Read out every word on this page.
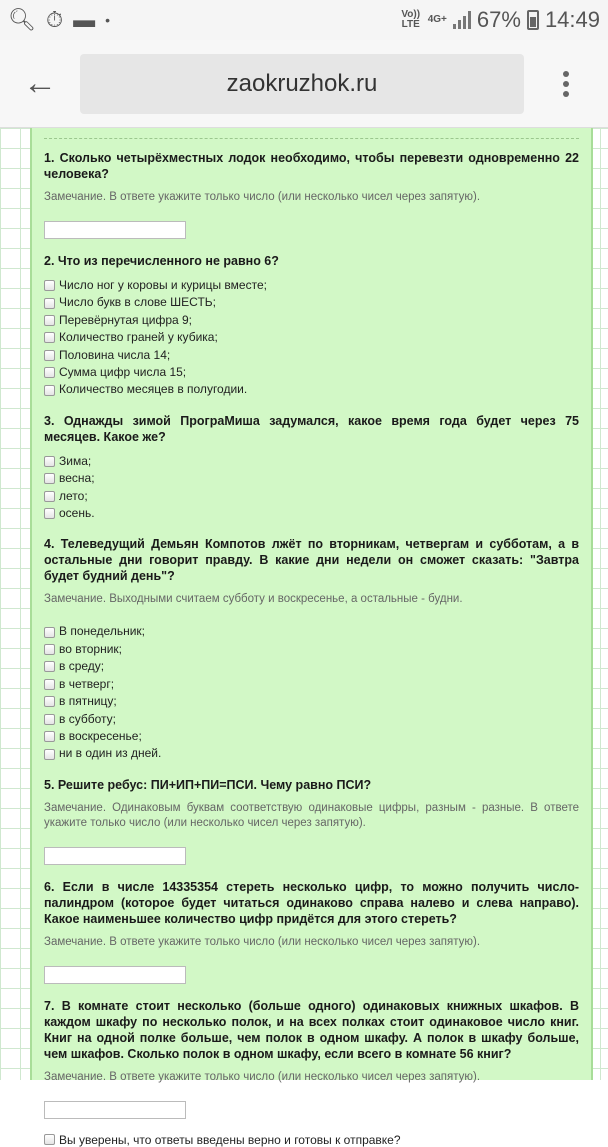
🔍︎ ⏱︎ ▬ •	Vo)) LTE 4G+ 67% 14:49
←	zaokruzhok.ru
1. Сколько четырёхместных лодок необходимо, чтобы перевезти одновременно 22 человека?
Замечание. В ответе укажите только число (или несколько чисел через запятую).
2. Что из перечисленного не равно 6?
Число ног у коровы и курицы вместе;
Число букв в слове ШЕСТЬ;
Перевёрнутая цифра 9;
Количество граней у кубика;
Половина числа 14;
Сумма цифр числа 15;
Количество месяцев в полугодии.
3. Однажды зимой ПрограМиша задумался, какое время года будет через 75 месяцев. Какое же?
Зима;
весна;
лето;
осень.
4. Телеведущий Демьян Компотов лжёт по вторникам, четвергам и субботам, а в остальные дни говорит правду. В какие дни недели он сможет сказать: "Завтра будет будний день"?
Замечание. Выходными считаем субботу и воскресенье, а остальные - будни.
В понедельник;
во вторник;
в среду;
в четверг;
в пятницу;
в субботу;
в воскресенье;
ни в один из дней.
5. Решите ребус: ПИ+ИП+ПИ=ПСИ. Чему равно ПСИ?
Замечание. Одинаковым буквам соответствую одинаковые цифры, разным - разные. В ответе укажите только число (или несколько чисел через запятую).
6. Если в числе 14335354 стереть несколько цифр, то можно получить число-палиндром (которое будет читаться одинаково справа налево и слева направо). Какое наименьшее количество цифр придётся для этого стереть?
Замечание. В ответе укажите только число (или несколько чисел через запятую).
7. В комнате стоит несколько (больше одного) одинаковых книжных шкафов. В каждом шкафу по несколько полок, и на всех полках стоит одинаковое число книг. Книг на одной полке больше, чем полок в одном шкафу. А полок в шкафу больше, чем шкафов. Сколько полок в одном шкафу, если всего в комнате 56 книг?
Замечание. В ответе укажите только число (или несколько чисел через запятую).
Вы уверены, что ответы введены верно и готовы к отправке?
